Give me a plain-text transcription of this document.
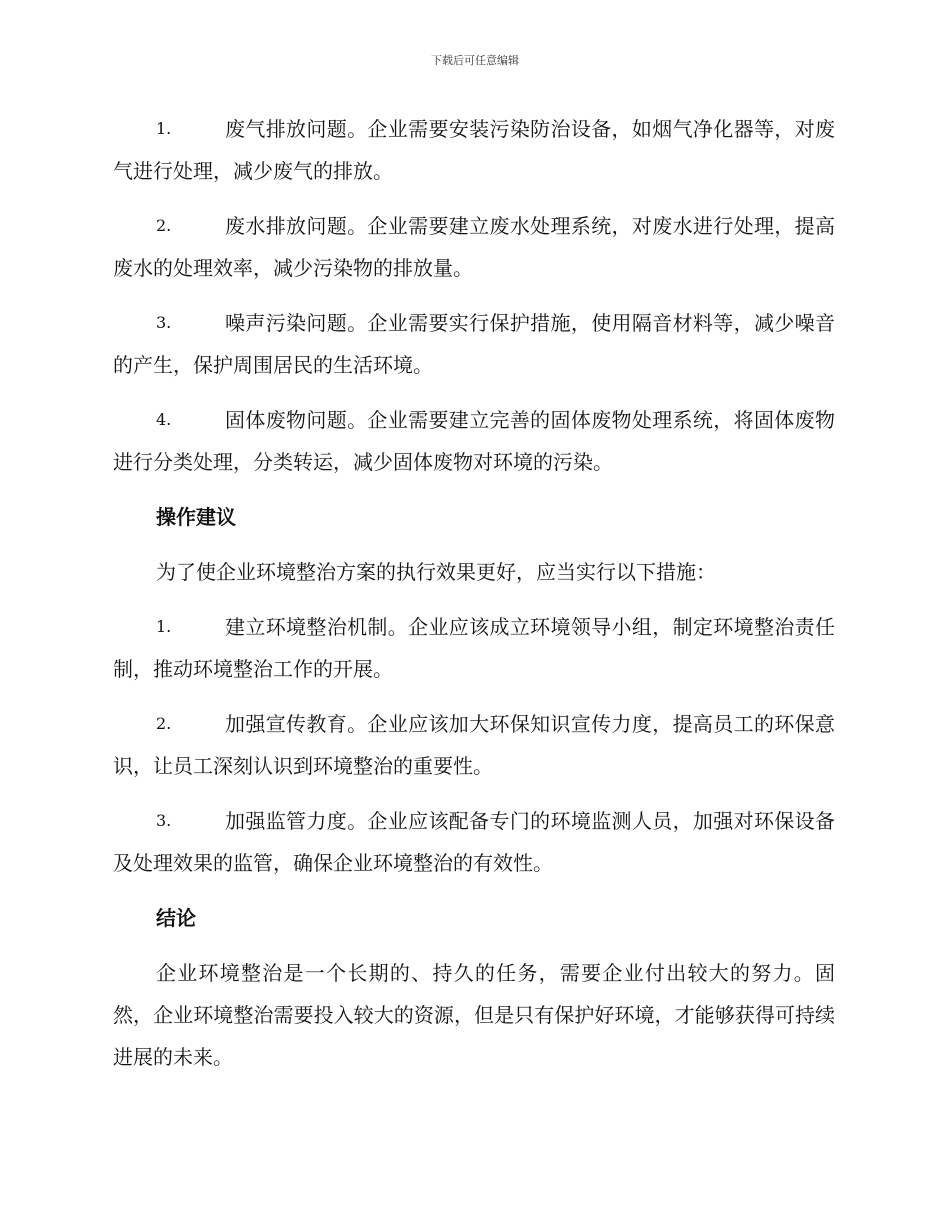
下载后可任意编辑
1.	废气排放问题。企业需要安装污染防治设备，如烟气净化器等，对废气进行处理，减少废气的排放。
2.	废水排放问题。企业需要建立废水处理系统，对废水进行处理，提高废水的处理效率，减少污染物的排放量。
3.	噪声污染问题。企业需要实行保护措施，使用隔音材料等，减少噪音的产生，保护周围居民的生活环境。
4.	固体废物问题。企业需要建立完善的固体废物处理系统，将固体废物进行分类处理，分类转运，减少固体废物对环境的污染。
操作建议
为了使企业环境整治方案的执行效果更好，应当实行以下措施：
1.	建立环境整治机制。企业应该成立环境领导小组，制定环境整治责任制，推动环境整治工作的开展。
2.	加强宣传教育。企业应该加大环保知识宣传力度，提高员工的环保意识，让员工深刻认识到环境整治的重要性。
3.	加强监管力度。企业应该配备专门的环境监测人员，加强对环保设备及处理效果的监管，确保企业环境整治的有效性。
结论
企业环境整治是一个长期的、持久的任务，需要企业付出较大的努力。固然，企业环境整治需要投入较大的资源，但是只有保护好环境，才能够获得可持续进展的未来。
